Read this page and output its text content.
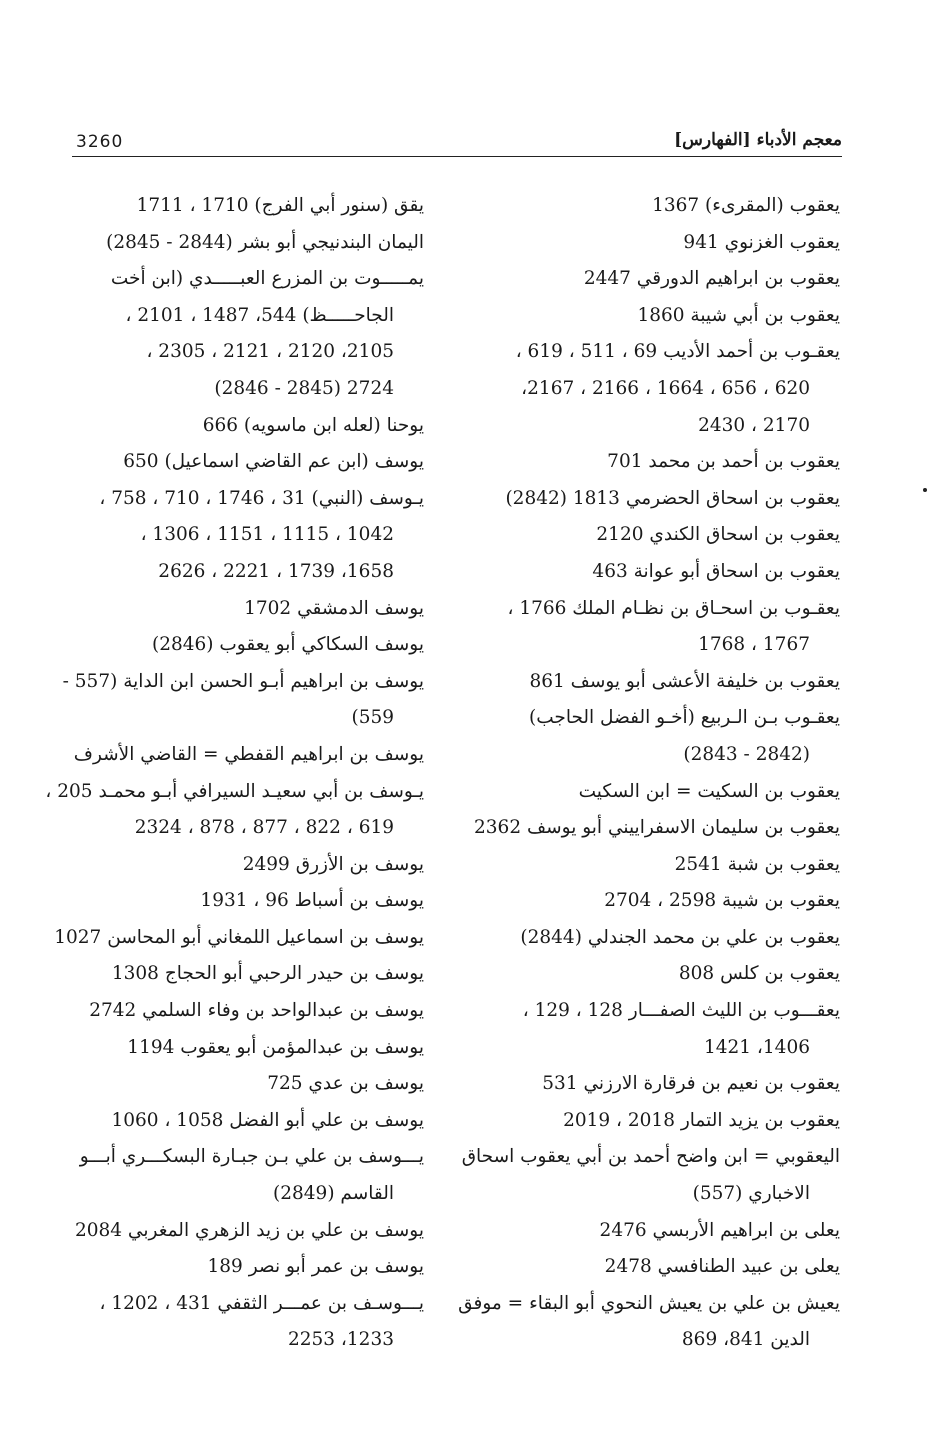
3260	معجم الأدباء [الفهارس]
يعقوب (المقرىء) 1367
يعقوب الغزنوي 941
يعقوب بن ابراهيم الدورقي 2447
يعقوب بن أبي شيبة 1860
يعقـوب بن أحمد الأديب 69 ، 511 ، 619 ،
620 ، 656 ، 1664 ، 2166 ، 2167،
2170 ، 2430
يعقوب بن أحمد بن محمد 701
يعقوب بن اسحاق الحضرمي 1813 (2842)
يعقوب بن اسحاق الكندي 2120
يعقوب بن اسحاق أبو عوانة 463
يعقـوب بن اسحـاق بن نظـام الملك 1766 ،
1767 ، 1768
يعقوب بن خليفة الأعشى أبو يوسف 861
يعقـوب بـن الـربيع (أخـو الفضل الحاجب)
(2842 - 2843)
يعقوب بن السكيت = ابن السكيت
يعقوب بن سليمان الاسفراييني أبو يوسف 2362
يعقوب بن شبة 2541
يعقوب بن شيبة 2598 ، 2704
يعقوب بن علي بن محمد الجندلي (2844)
يعقوب بن كلس 808
يعقـــوب بن الليث الصفـــار 128 ، 129 ،
1406، 1421
يعقوب بن نعيم بن فرقارة الارزني 531
يعقوب بن يزيد التمار 2018 ، 2019
اليعقوبي = ابن واضح أحمد بن أبي يعقوب اسحاق
الاخباري (557)
يعلى بن ابراهيم الأربسي 2476
يعلى بن عبيد الطنافسي 2478
يعيش بن علي بن يعيش النحوي أبو البقاء = موفق
الدين 841، 869
يقق (سنور أبي الفرج) 1710 ، 1711
اليمان البندنيجي أبو بشر (2844 - 2845)
يمـــــوت بن المزرع العبـــــدي (ابن أخت
الجاحـــــظ) 544، 1487 ، 2101 ،
2105، 2120 ، 2121 ، 2305 ،
2724 (2845 - 2846)
يوحنا (لعله ابن ماسويه) 666
يوسف (ابن عم القاضي اسماعيل) 650
يـوسف (النبي) 31 ، 1746 ، 710 ، 758 ،
1042 ، 1115 ، 1151 ، 1306 ،
1658، 1739 ، 2221 ، 2626
يوسف الدمشقي 1702
يوسف السكاكي أبو يعقوب (2846)
يوسف بن ابراهيم أبـو الحسن ابن الداية (557 -
559)
يوسف بن ابراهيم القفطي = القاضي الأشرف
يـوسف بن أبي سعيـد السيرافي أبـو محمـد 205 ،
619 ، 822 ، 877 ، 878 ، 2324
يوسف بن الأزرق 2499
يوسف بن أسباط 96 ، 1931
يوسف بن اسماعيل اللمغاني أبو المحاسن 1027
يوسف بن حيدر الرحبي أبو الحجاج 1308
يوسف بن عبدالواحد بن وفاء السلمي 2742
يوسف بن عبدالمؤمن أبو يعقوب 1194
يوسف بن عدي 725
يوسف بن علي أبو الفضل 1058 ، 1060
يـــوسف بن علي بـن جبـارة البسكـــري أبـــو
القاسم (2849)
يوسف بن علي بن زيد الزهري المغربي 2084
يوسف بن عمر أبو نصر 189
يـــوسـف بن عمـــر الثقفي 431 ، 1202 ،
1233، 2253
